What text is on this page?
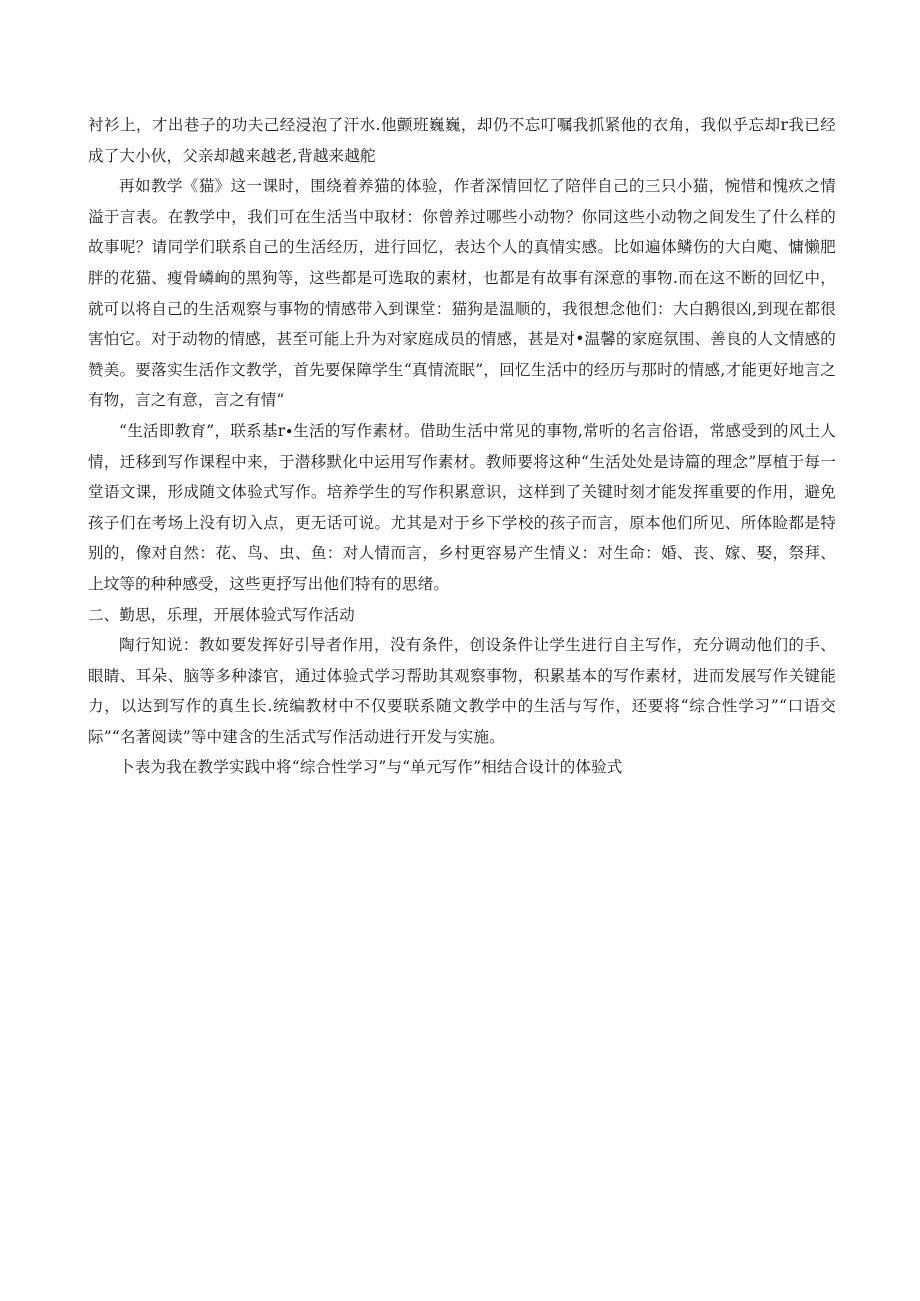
衬衫上，才出巷子的功夫己经浸泡了汗水.他颤班巍巍，却仍不忘叮嘱我抓紧他的衣角，我似乎忘却r我已经成了大小伙，父亲却越来越老,背越来越舵

再如教学《猫》这一课时，围绕着养猫的体验，作者深情回忆了陪伴自己的三只小猫，惋惜和愧疚之情溢于言表。在教学中，我们可在生活当中取材：你曾养过哪些小动物？你同这些小动物之间发生了什么样的故事呢？请同学们联系自己的生活经历，进行回忆，表达个人的真情实感。比如遍体鳞伤的大白飑、慵懒肥胖的花猫、瘦骨嶙峋的黑狗等，这些都是可选取的素材，也都是有故事有深意的事物.而在这不断的回忆中，就可以将自己的生活观察与事物的情感带入到课堂：猫狗是温顺的，我很想念他们：大白鹅很凶,到现在都很害怕它。对于动物的情感，甚至可能上升为对家庭成员的情感，甚是对•温馨的家庭氛围、善良的人文情感的赞美。要落实生活作文教学，首先要保障学生“真情流眠”，回忆生活中的经历与那时的情感,才能更好地言之有物，言之有意，言之有情“

“生活即教育”，联系基r∙生活的写作素材。借助生活中常见的事物,常听的名言俗语，常感受到的风土人情，迁移到写作课程中来，于潜移默化中运用写作素材。教师要将这种“生活处处是诗篇的理念”厚植于每一堂语文课，形成随文体验式写作。培养学生的写作积累意识，这样到了关键时刻才能发挥重要的作用，避免孩子们在考场上没有切入点，更无话可说。尤其是对于乡下学校的孩子而言，原本他们所见、所体睑都是特别的，像对自然：花、鸟、虫、鱼：对人情而言，乡村更容易产生情义：对生命：婚、丧、嫁、娶，祭拜、上坟等的种种感受，这些更抒写出他们特有的思绪。

二、勤思，乐理，开展体验式写作活动

陶行知说：教如要发挥好引导者作用，没有条件，创设条件让学生进行自主写作，充分调动他们的手、眼睛、耳朵、脑等多种漆官，通过体验式学习帮助其观察事物，积累基本的写作素材，进而发展写作关键能力，以达到写作的真生长.统编教材中不仅要联系随文教学中的生活与写作，还要将“综合性学习”“口语交际”“名著阅读”等中建含的生活式写作活动进行开发与实施。

卜表为我在教学实践中将“综合性学习”与“单元写作”相结合设计的体验式
